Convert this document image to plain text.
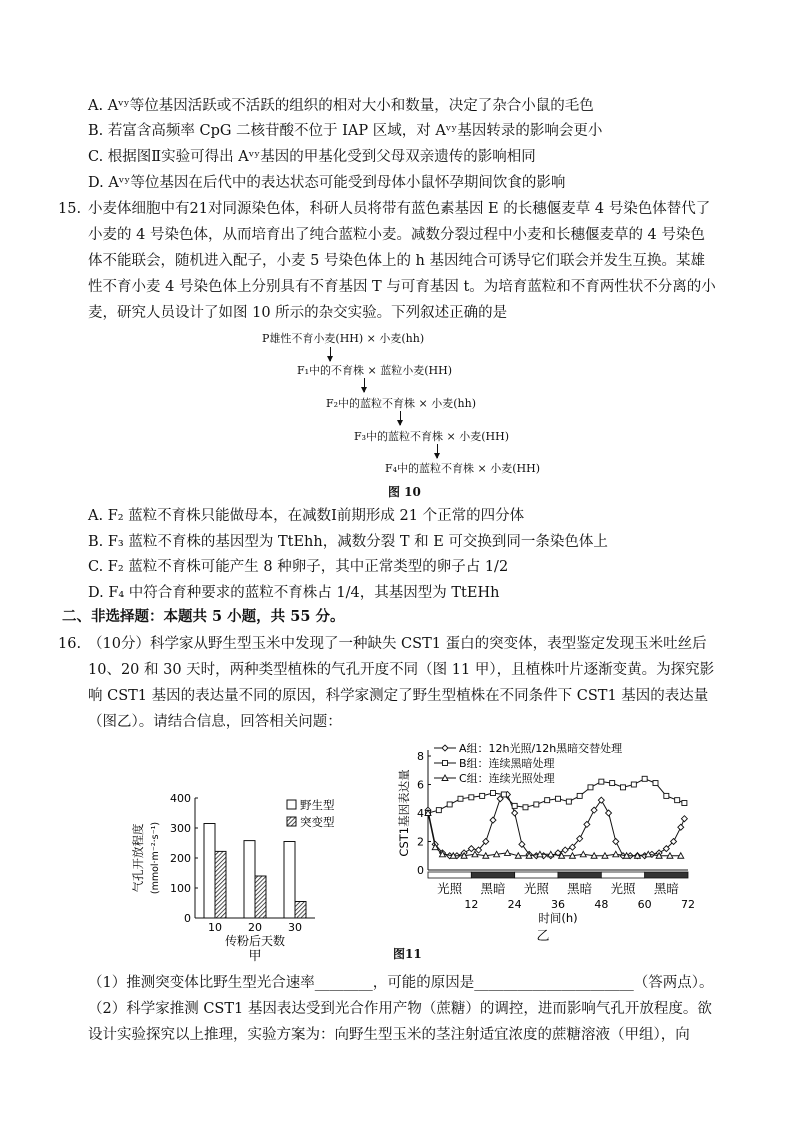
A. Aᵛʸ等位基因活跃或不活跃的组织的相对大小和数量，决定了杂合小鼠的毛色
B. 若富含高频率 CpG 二核苷酸不位于 IAP 区域，对 Aᵛʸ基因转录的影响会更小
C. 根据图Ⅱ实验可得出 Aᵛʸ基因的甲基化受到父母双亲遗传的影响相同
D. Aᵛʸ等位基因在后代中的表达状态可能受到母体小鼠怀孕期间饮食的影响
15. 小麦体细胞中有21对同源染色体，科研人员将带有蓝色素基因 E 的长穗偃麦草 4 号染色体替代了
小麦的 4 号染色体，从而培育出了纯合蓝粒小麦。减数分裂过程中小麦和长穗偃麦草的 4 号染色
体不能联会，随机进入配子，小麦 5 号染色体上的 h 基因纯合可诱导它们联会并发生互换。某雄
性不育小麦 4 号染色体上分别具有不育基因 T 与可育基因 t。为培育蓝粒和不育两性状不分离的小
麦，研究人员设计了如图 10 所示的杂交实验。下列叙述正确的是
P雄性不育小麦(HH) × 小麦(hh)
F₁中的不育株 × 蓝粒小麦(HH)
F₂中的蓝粒不育株 × 小麦(hh)
F₃中的蓝粒不育株 × 小麦(HH)
F₄中的蓝粒不育株 × 小麦(HH)
图 10
A. F₂ 蓝粒不育株只能做母本，在减数Ⅰ前期形成 21 个正常的四分体
B. F₃ 蓝粒不育株的基因型为 TtEhh，减数分裂 T 和 E 可交换到同一条染色体上
C. F₂ 蓝粒不育株可能产生 8 种卵子，其中正常类型的卵子占 1/2
D. F₄ 中符合育种要求的蓝粒不育株占 1/4，其基因型为 TtEHh
二、非选择题：本题共 5 小题，共 55 分。
16. （10分）科学家从野生型玉米中发现了一种缺失 CST1 蛋白的突变体，表型鉴定发现玉米吐丝后
10、20 和 30 天时，两种类型植株的气孔开度不同（图 11 甲），且植株叶片逐渐变黄。为探究影
响 CST1 基因的表达量不同的原因，科学家测定了野生型植株在不同条件下 CST1 基因的表达量
（图乙）。请结合信息，回答相关问题：
0
100
200
300
400
10 20 30
传粉后天数
甲
气孔开放程度 (mmol·m⁻²·s⁻¹)
野生型
突变型
0
2
4
6
8
光照 黑暗 光照 黑暗 光照 黑暗
12	24	36	48	60	72
时间(h)
乙
CST1基因表达量
A组：12h光照/12h黑暗交替处理
B组：连续黑暗处理
C组：连续光照处理
图11
（1）推测突变体比野生型光合速率________，可能的原因是______________________（答两点）。
（2）科学家推测 CST1 基因表达受到光合作用产物（蔗糖）的调控，进而影响气孔开放程度。欲
设计实验探究以上推理，实验方案为：向野生型玉米的茎注射适宜浓度的蔗糖溶液（甲组），向
